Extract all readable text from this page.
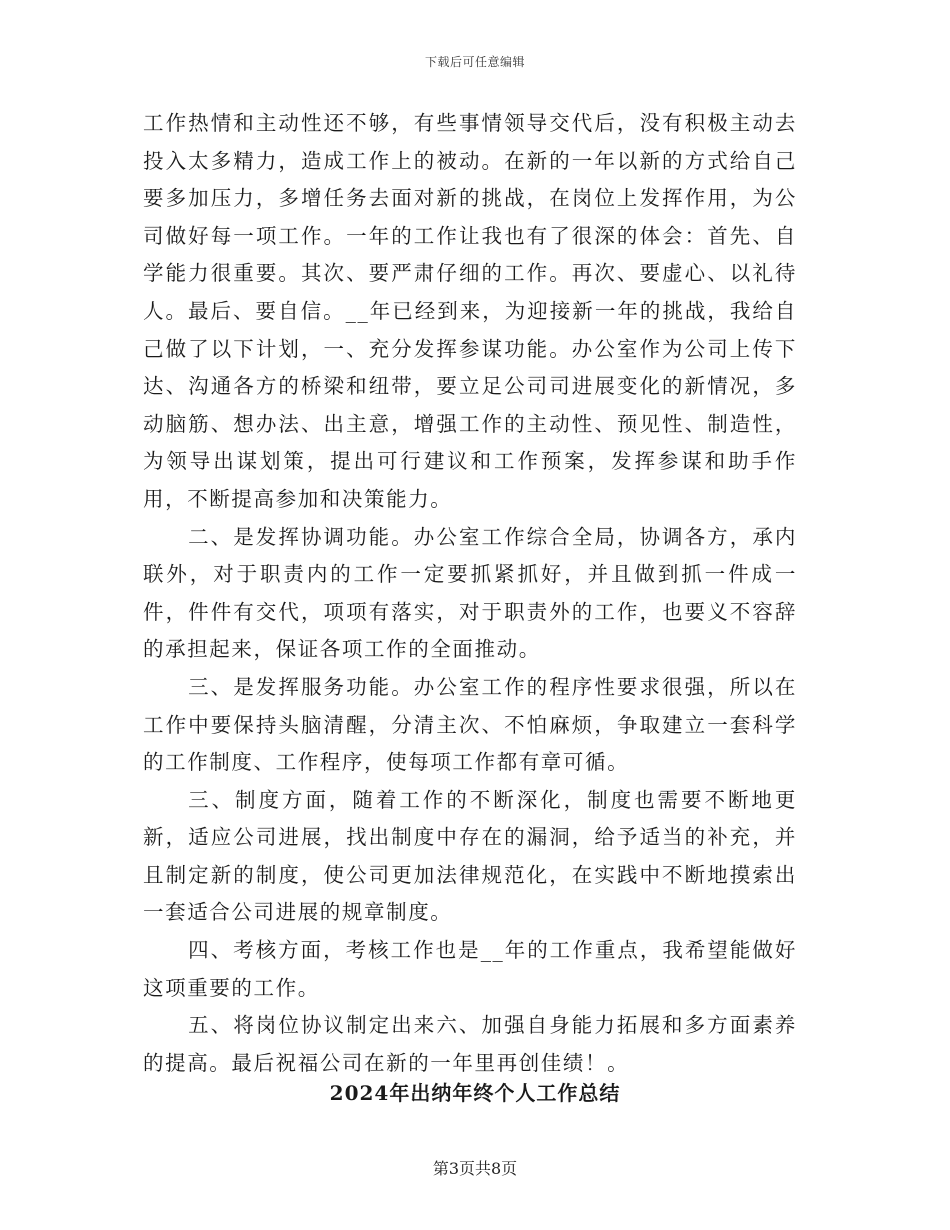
下载后可任意编辑

工作热情和主动性还不够，有些事情领导交代后，没有积极主动去投入太多精力，造成工作上的被动。在新的一年以新的方式给自己要多加压力，多增任务去面对新的挑战，在岗位上发挥作用，为公司做好每一项工作。一年的工作让我也有了很深的体会：首先、自学能力很重要。其次、要严肃仔细的工作。再次、要虚心、以礼待人。最后、要自信。__年已经到来，为迎接新一年的挑战，我给自己做了以下计划，一、充分发挥参谋功能。办公室作为公司上传下达、沟通各方的桥梁和纽带，要立足公司司进展变化的新情况，多动脑筋、想办法、出主意，增强工作的主动性、预见性、制造性，为领导出谋划策，提出可行建议和工作预案，发挥参谋和助手作用，不断提高参加和决策能力。

二、是发挥协调功能。办公室工作综合全局，协调各方，承内联外，对于职责内的工作一定要抓紧抓好，并且做到抓一件成一件，件件有交代，项项有落实，对于职责外的工作，也要义不容辞的承担起来，保证各项工作的全面推动。

三、是发挥服务功能。办公室工作的程序性要求很强，所以在工作中要保持头脑清醒，分清主次、不怕麻烦，争取建立一套科学的工作制度、工作程序，使每项工作都有章可循。

三、制度方面，随着工作的不断深化，制度也需要不断地更新，适应公司进展，找出制度中存在的漏洞，给予适当的补充，并且制定新的制度，使公司更加法律规范化，在实践中不断地摸索出一套适合公司进展的规章制度。

四、考核方面，考核工作也是__年的工作重点，我希望能做好这项重要的工作。

五、将岗位协议制定出来六、加强自身能力拓展和多方面素养的提高。最后祝福公司在新的一年里再创佳绩！。

2024年出纳年终个人工作总结
第3页共8页
